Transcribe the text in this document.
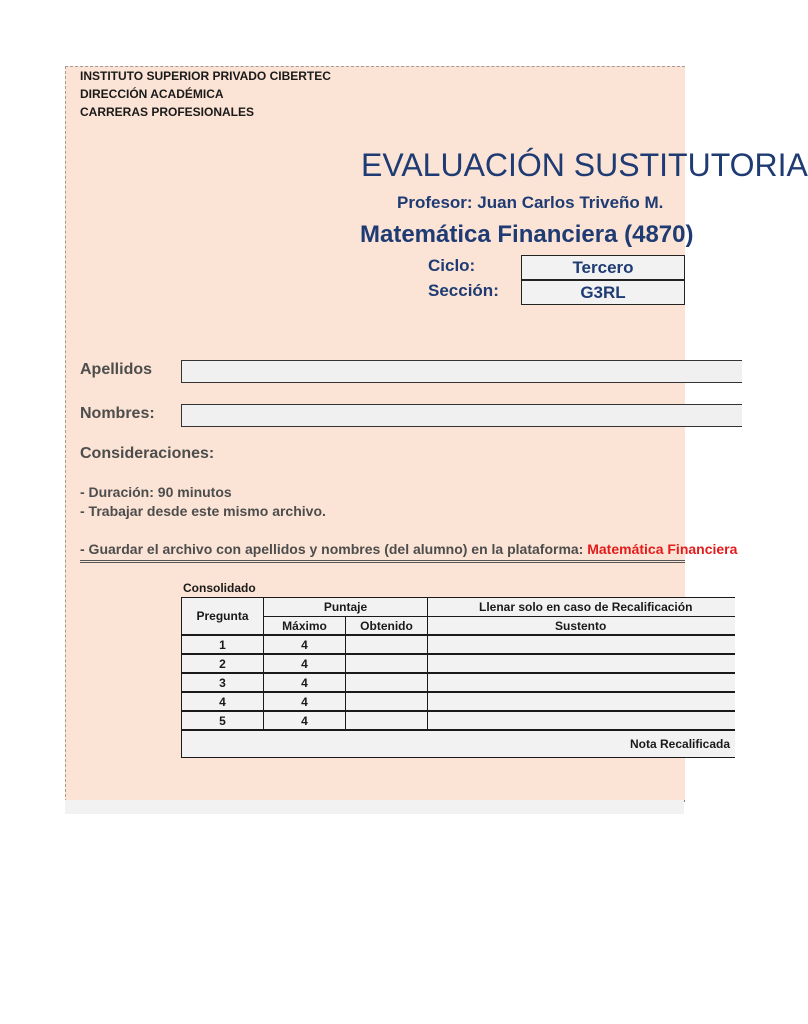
INSTITUTO SUPERIOR PRIVADO CIBERTEC
DIRECCIÓN ACADÉMICA
CARRERAS PROFESIONALES
EVALUACIÓN SUSTITUTORIA
Profesor: Juan Carlos Triveño M.
Matemática Financiera (4870)
Ciclo:	Tercero
Sección:	G3RL
Apellidos
Nombres:
Consideraciones:
- Duración: 90 minutos
- Trabajar desde este mismo archivo.
- Guardar el archivo con apellidos y nombres (del alumno) en la plataforma: Matemática Financiera
Consolidado
Pregunta	Puntaje		Llenar solo en caso de Recalificación
	Máximo	Obtenido	Sustento
1	4		
2	4		
3	4		
4	4		
5	4		
Nota Recalificada			
